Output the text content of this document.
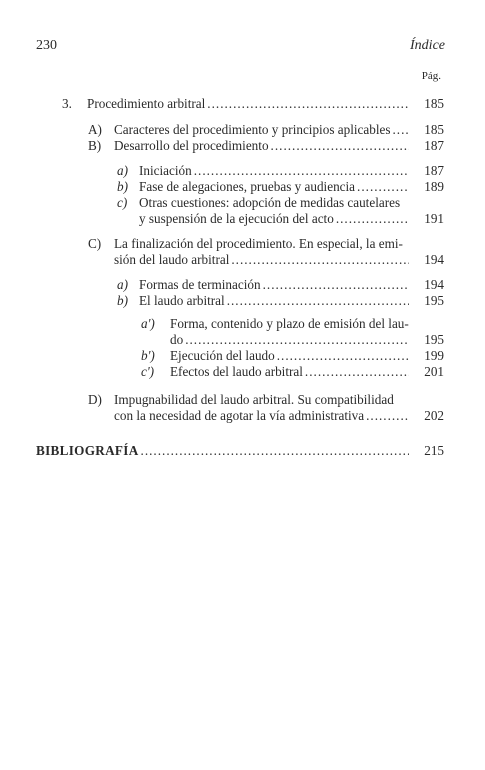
230	Índice
Pág.
3. Procedimiento arbitral .....	185
A) Caracteres del procedimiento y principios aplicables .....	185
B) Desarrollo del procedimiento .....	187
a) Iniciación .....	187
b) Fase de alegaciones, pruebas y audiencia .....	189
c) Otras cuestiones: adopción de medidas cautelares
y suspensión de la ejecución del acto .....	191
C) La finalización del procedimiento. En especial, la emi-
sión del laudo arbitral .....	194
a) Formas de terminación .....	194
b) El laudo arbitral .....	195
a') Forma, contenido y plazo de emisión del lau-
do .....	195
b') Ejecución del laudo .....	199
c') Efectos del laudo arbitral .....	201
D) Impugnabilidad del laudo arbitral. Su compatibilidad
con la necesidad de agotar la vía administrativa .....	202
BIBLIOGRAFÍA .....	215
